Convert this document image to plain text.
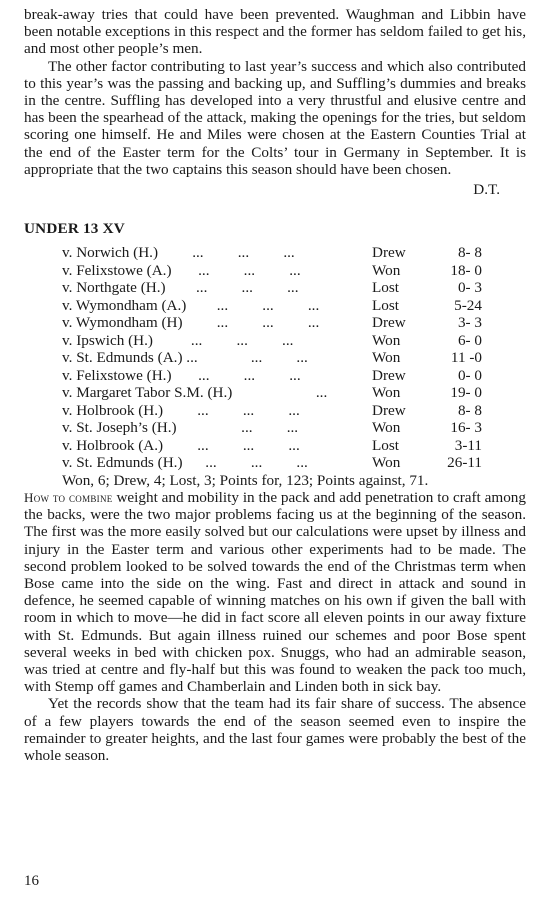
break-away tries that could have been prevented. Waughman and Libbin have been notable exceptions in this respect and the former has seldom failed to get his, and most other people’s men.

The other factor contributing to last year’s success and which also contributed to this year’s was the passing and backing up, and Suffling’s dummies and breaks in the centre. Suffling has developed into a very thrustful and elusive centre and has been the spearhead of the attack, making the openings for the tries, but seldom scoring one himself. He and Miles were chosen at the Eastern Counties Trial at the end of the Easter term for the Colts’ tour in Germany in September. It is appropriate that the two captains this season should have been chosen.

D.T.
UNDER 13 XV
v. Norwich (H.)         ...         ...         ...	Drew	8- 8
v. Felixstowe (A.)       ...         ...         ...	Won	18- 0
v. Northgate (H.)        ...         ...         ...	Lost	0- 3
v. Wymondham (A.)        ...         ...         ...	Lost	5-24
v. Wymondham (H)         ...         ...         ...	Drew	3- 3
v. Ipswich (H.)          ...         ...         ...	Won	6- 0
v. St. Edmunds (A.) ...              ...         ...	Won	11 -0
v. Felixstowe (H.)       ...         ...         ...	Drew	0- 0
v. Margaret Tabor S.M. (H.)                      ...	Won	19- 0
v. Holbrook (H.)         ...         ...         ...	Drew	8- 8
v. St. Joseph’s (H.)                 ...         ...	Won	16- 3
v. Holbrook (A.)         ...         ...         ...	Lost	3-11
v. St. Edmunds (H.)      ...         ...         ...	Won	26-11
Won, 6; Drew, 4; Lost, 3; Points for, 123; Points against, 71.

How to combine weight and mobility in the pack and add penetration to craft among the backs, were the two major problems facing us at the beginning of the season. The first was the more easily solved but our calculations were upset by illness and injury in the Easter term and various other experiments had to be made. The second problem looked to be solved towards the end of the Christmas term when Bose came into the side on the wing. Fast and direct in attack and sound in defence, he seemed capable of winning matches on his own if given the ball with room in which to move—he did in fact score all eleven points in our away fixture with St. Edmunds. But again illness ruined our schemes and poor Bose spent several weeks in bed with chicken pox. Snuggs, who had an admirable season, was tried at centre and fly-half but this was found to weaken the pack too much, with Stemp off games and Chamberlain and Linden both in sick bay.

Yet the records show that the team had its fair share of success. The absence of a few players towards the end of the season seemed even to inspire the remainder to greater heights, and the last four games were probably the best of the whole season.

16
